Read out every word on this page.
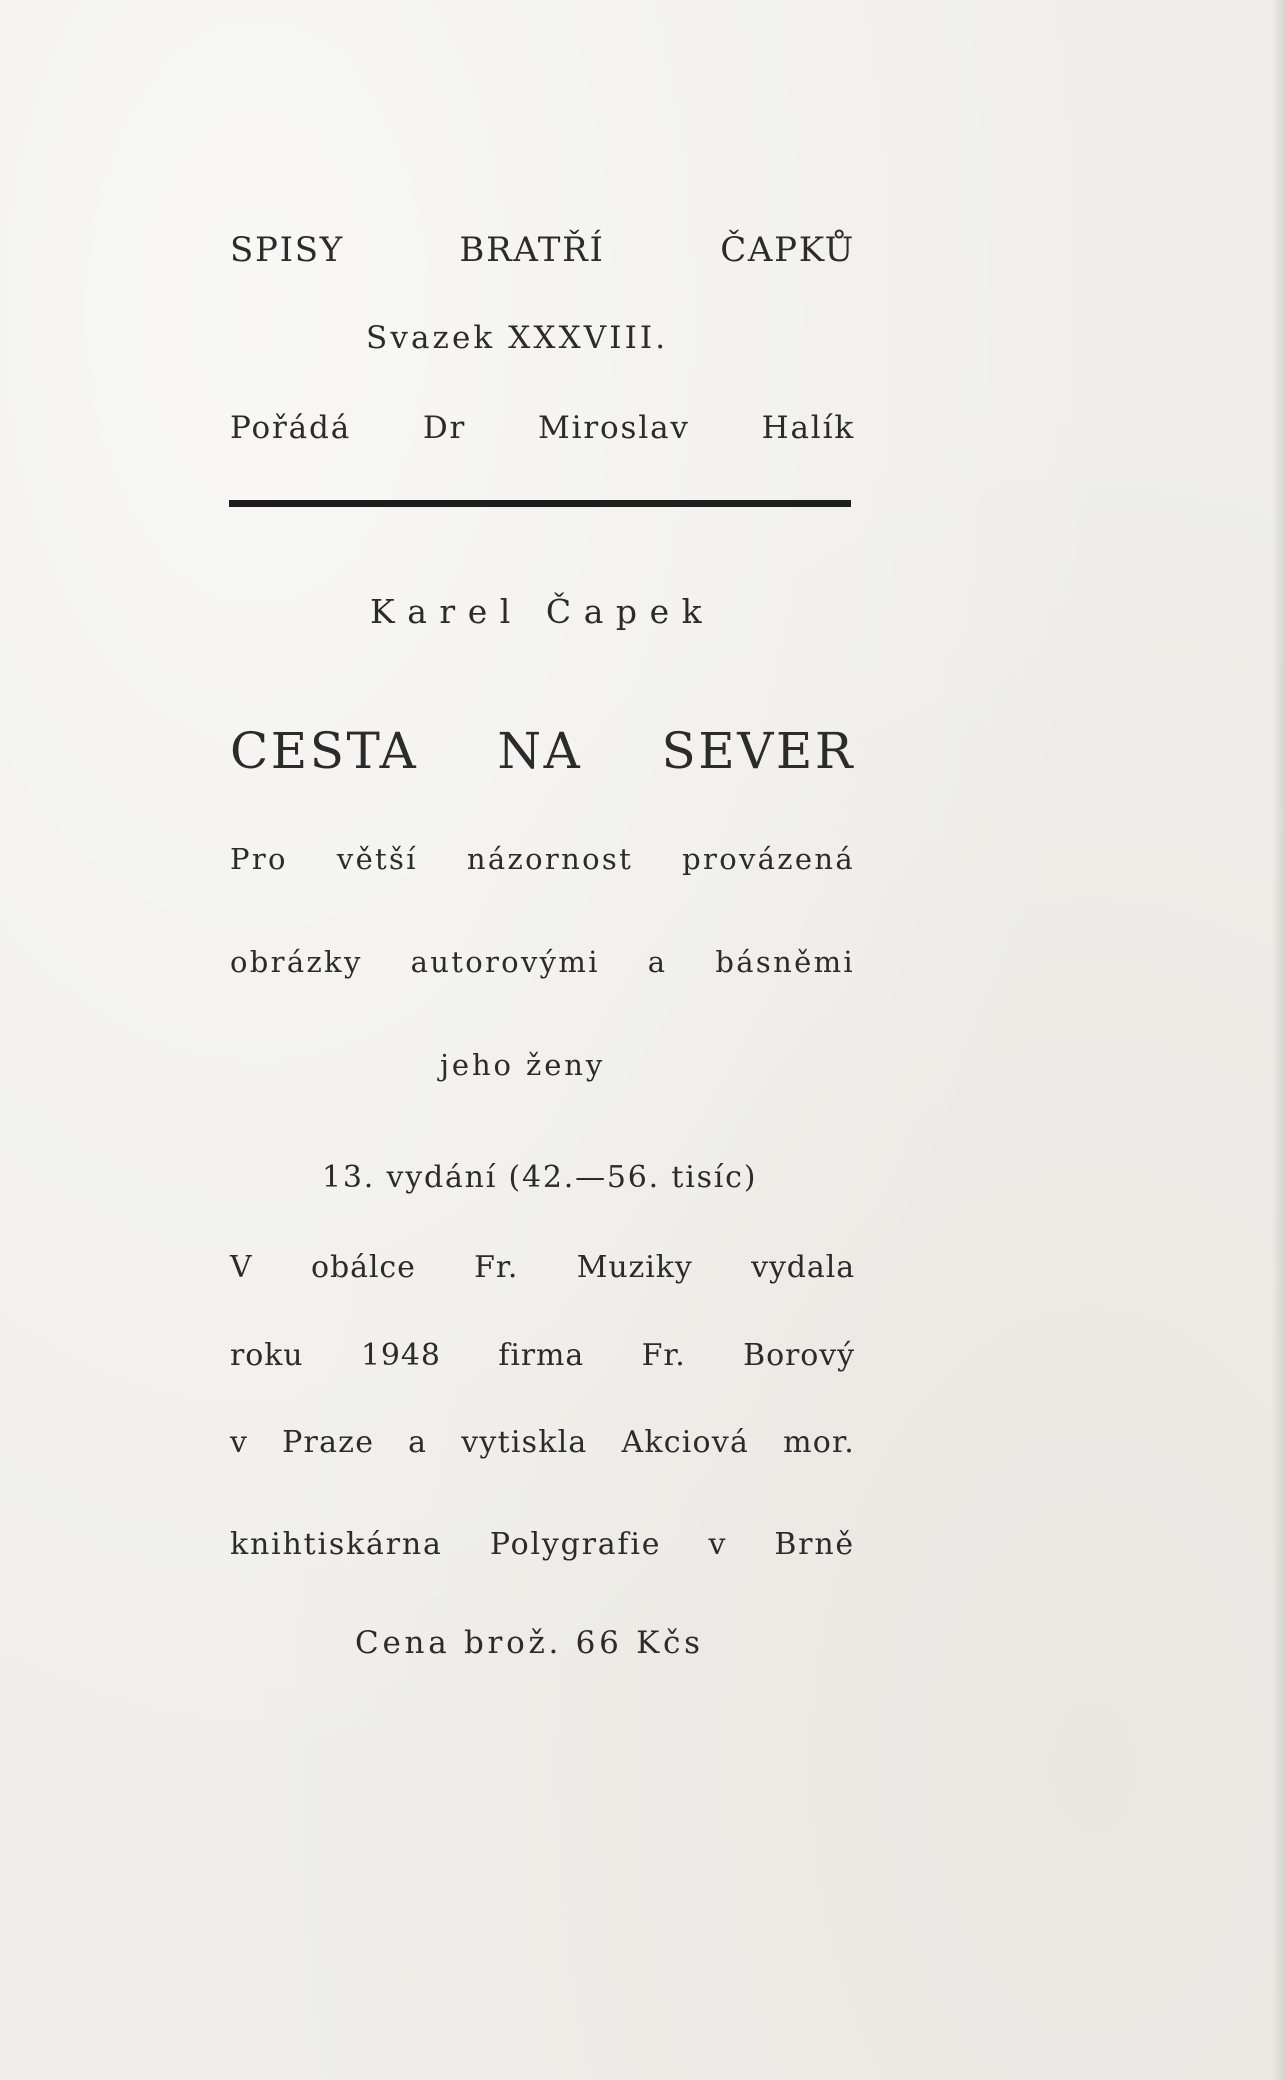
SPISY	BRATŘÍ	ČAPKŮ
Svazek XXXVIII.
Pořádá Dr Miroslav Halík
Karel Čapek
CESTA NA SEVER
Pro větší názornost provázená
obrázky autorovými a básněmi
jeho ženy
13. vydání (42.—56. tisíc)
V obálce Fr. Muziky vydala
roku 1948 firma Fr. Borový
v Praze a vytiskla Akciová mor.
knihtiskárna Polygrafie v Brně
Cena brož. 66 Kčs
